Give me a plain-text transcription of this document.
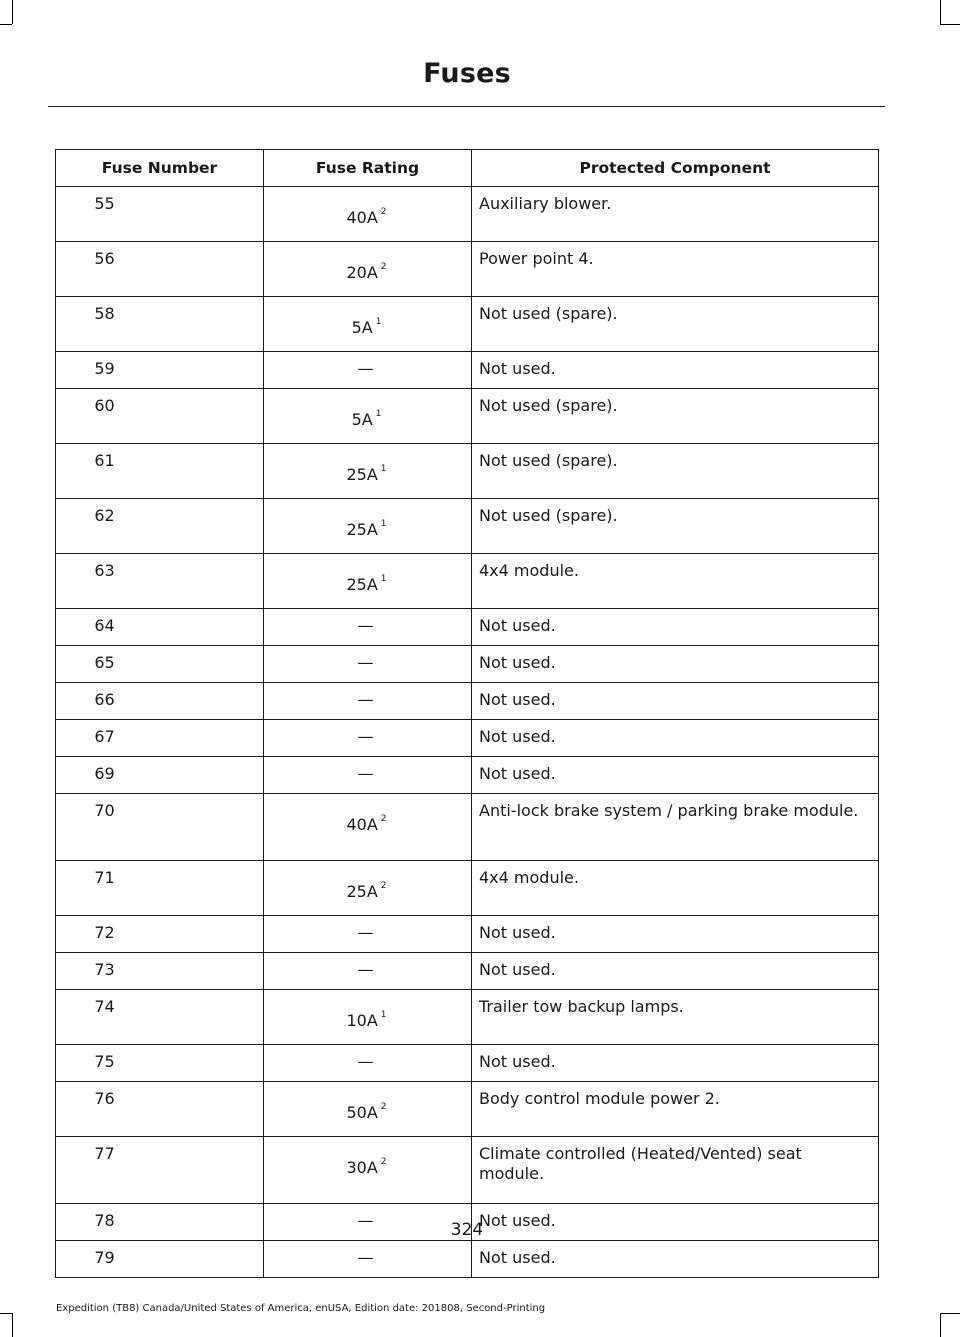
Fuses
Fuse Number	Fuse Rating	Protected Component
55	40A $^2$	Auxiliary blower.
56	20A $^2$	Power point 4.
58	5A $^1$	Not used (spare).
59	—	Not used.
60	5A $^1$	Not used (spare).
61	25A $^1$	Not used (spare).
62	25A $^1$	Not used (spare).
63	25A $^1$	4x4 module.
64	—	Not used.
65	—	Not used.
66	—	Not used.
67	—	Not used.
69	—	Not used.
70	40A $^2$	Anti-lock brake system / parking brake module.
71	25A $^2$	4x4 module.
72	—	Not used.
73	—	Not used.
74	10A $^1$	Trailer tow backup lamps.
75	—	Not used.
76	50A $^2$	Body control module power 2.
77	30A $^2$	Climate controlled (Heated/Vented) seat module.
78	—	Not used.
79	—	Not used.
324
Expedition (TB8) Canada/United States of America, enUSA, Edition date: 201808, Second-Printing
